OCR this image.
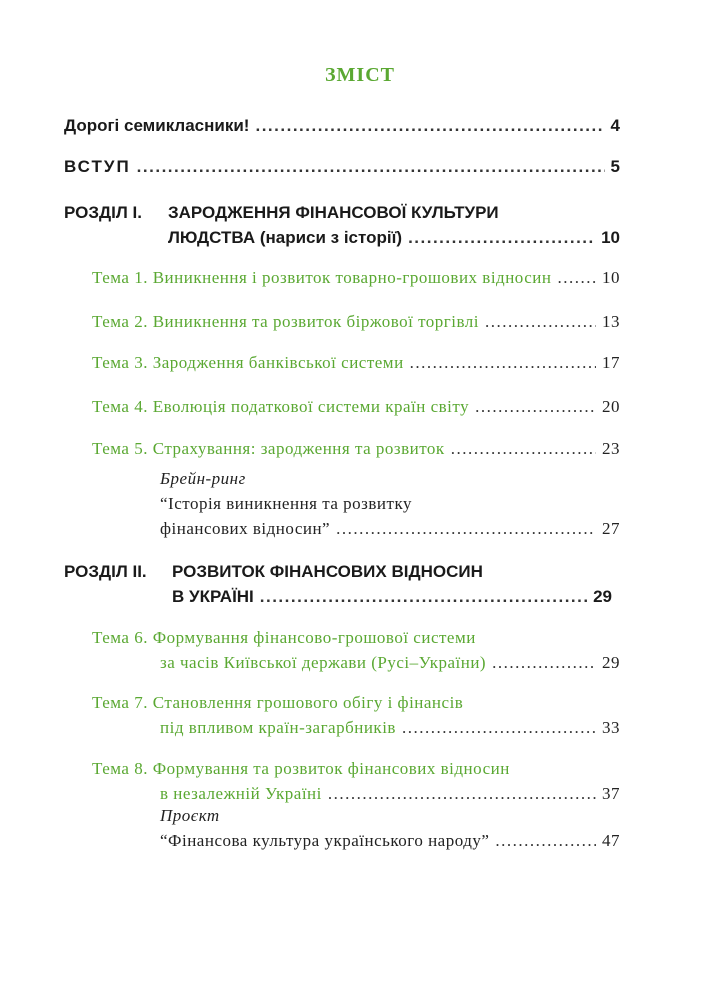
ЗМІСТ
Дорогі семикласники! .....	4
ВСТУП .....	5
РОЗДІЛ І.	ЗАРОДЖЕННЯ ФІНАНСОВОЇ КУЛЬТУРИ
ЛЮДСТВА (нариси з історії) .....	10
Тема 1. Виникнення і розвиток товарно-грошових відносин .....	10
Тема 2. Виникнення та розвиток біржової торгівлі .....	13
Тема 3. Зародження банківської системи .....	17
Тема 4. Еволюція податкової системи країн світу .....	20
Тема 5. Страхування: зародження та розвиток .....	23
Брейн-ринг
“Історія виникнення та розвитку
фінансових відносин” .....	27
РОЗДІЛ ІІ.	РОЗВИТОК ФІНАНСОВИХ ВІДНОСИН
В УКРАЇНІ .....	29
Тема 6. Формування фінансово-грошової системи
за часів Київської держави (Русі–України) .....	29
Тема 7. Становлення грошового обігу і фінансів
під впливом країн-загарбників .....	33
Тема 8. Формування та розвиток фінансових відносин
в незалежній Україні .....	37
Проєкт
“Фінансова культура українського народу” .....	47
